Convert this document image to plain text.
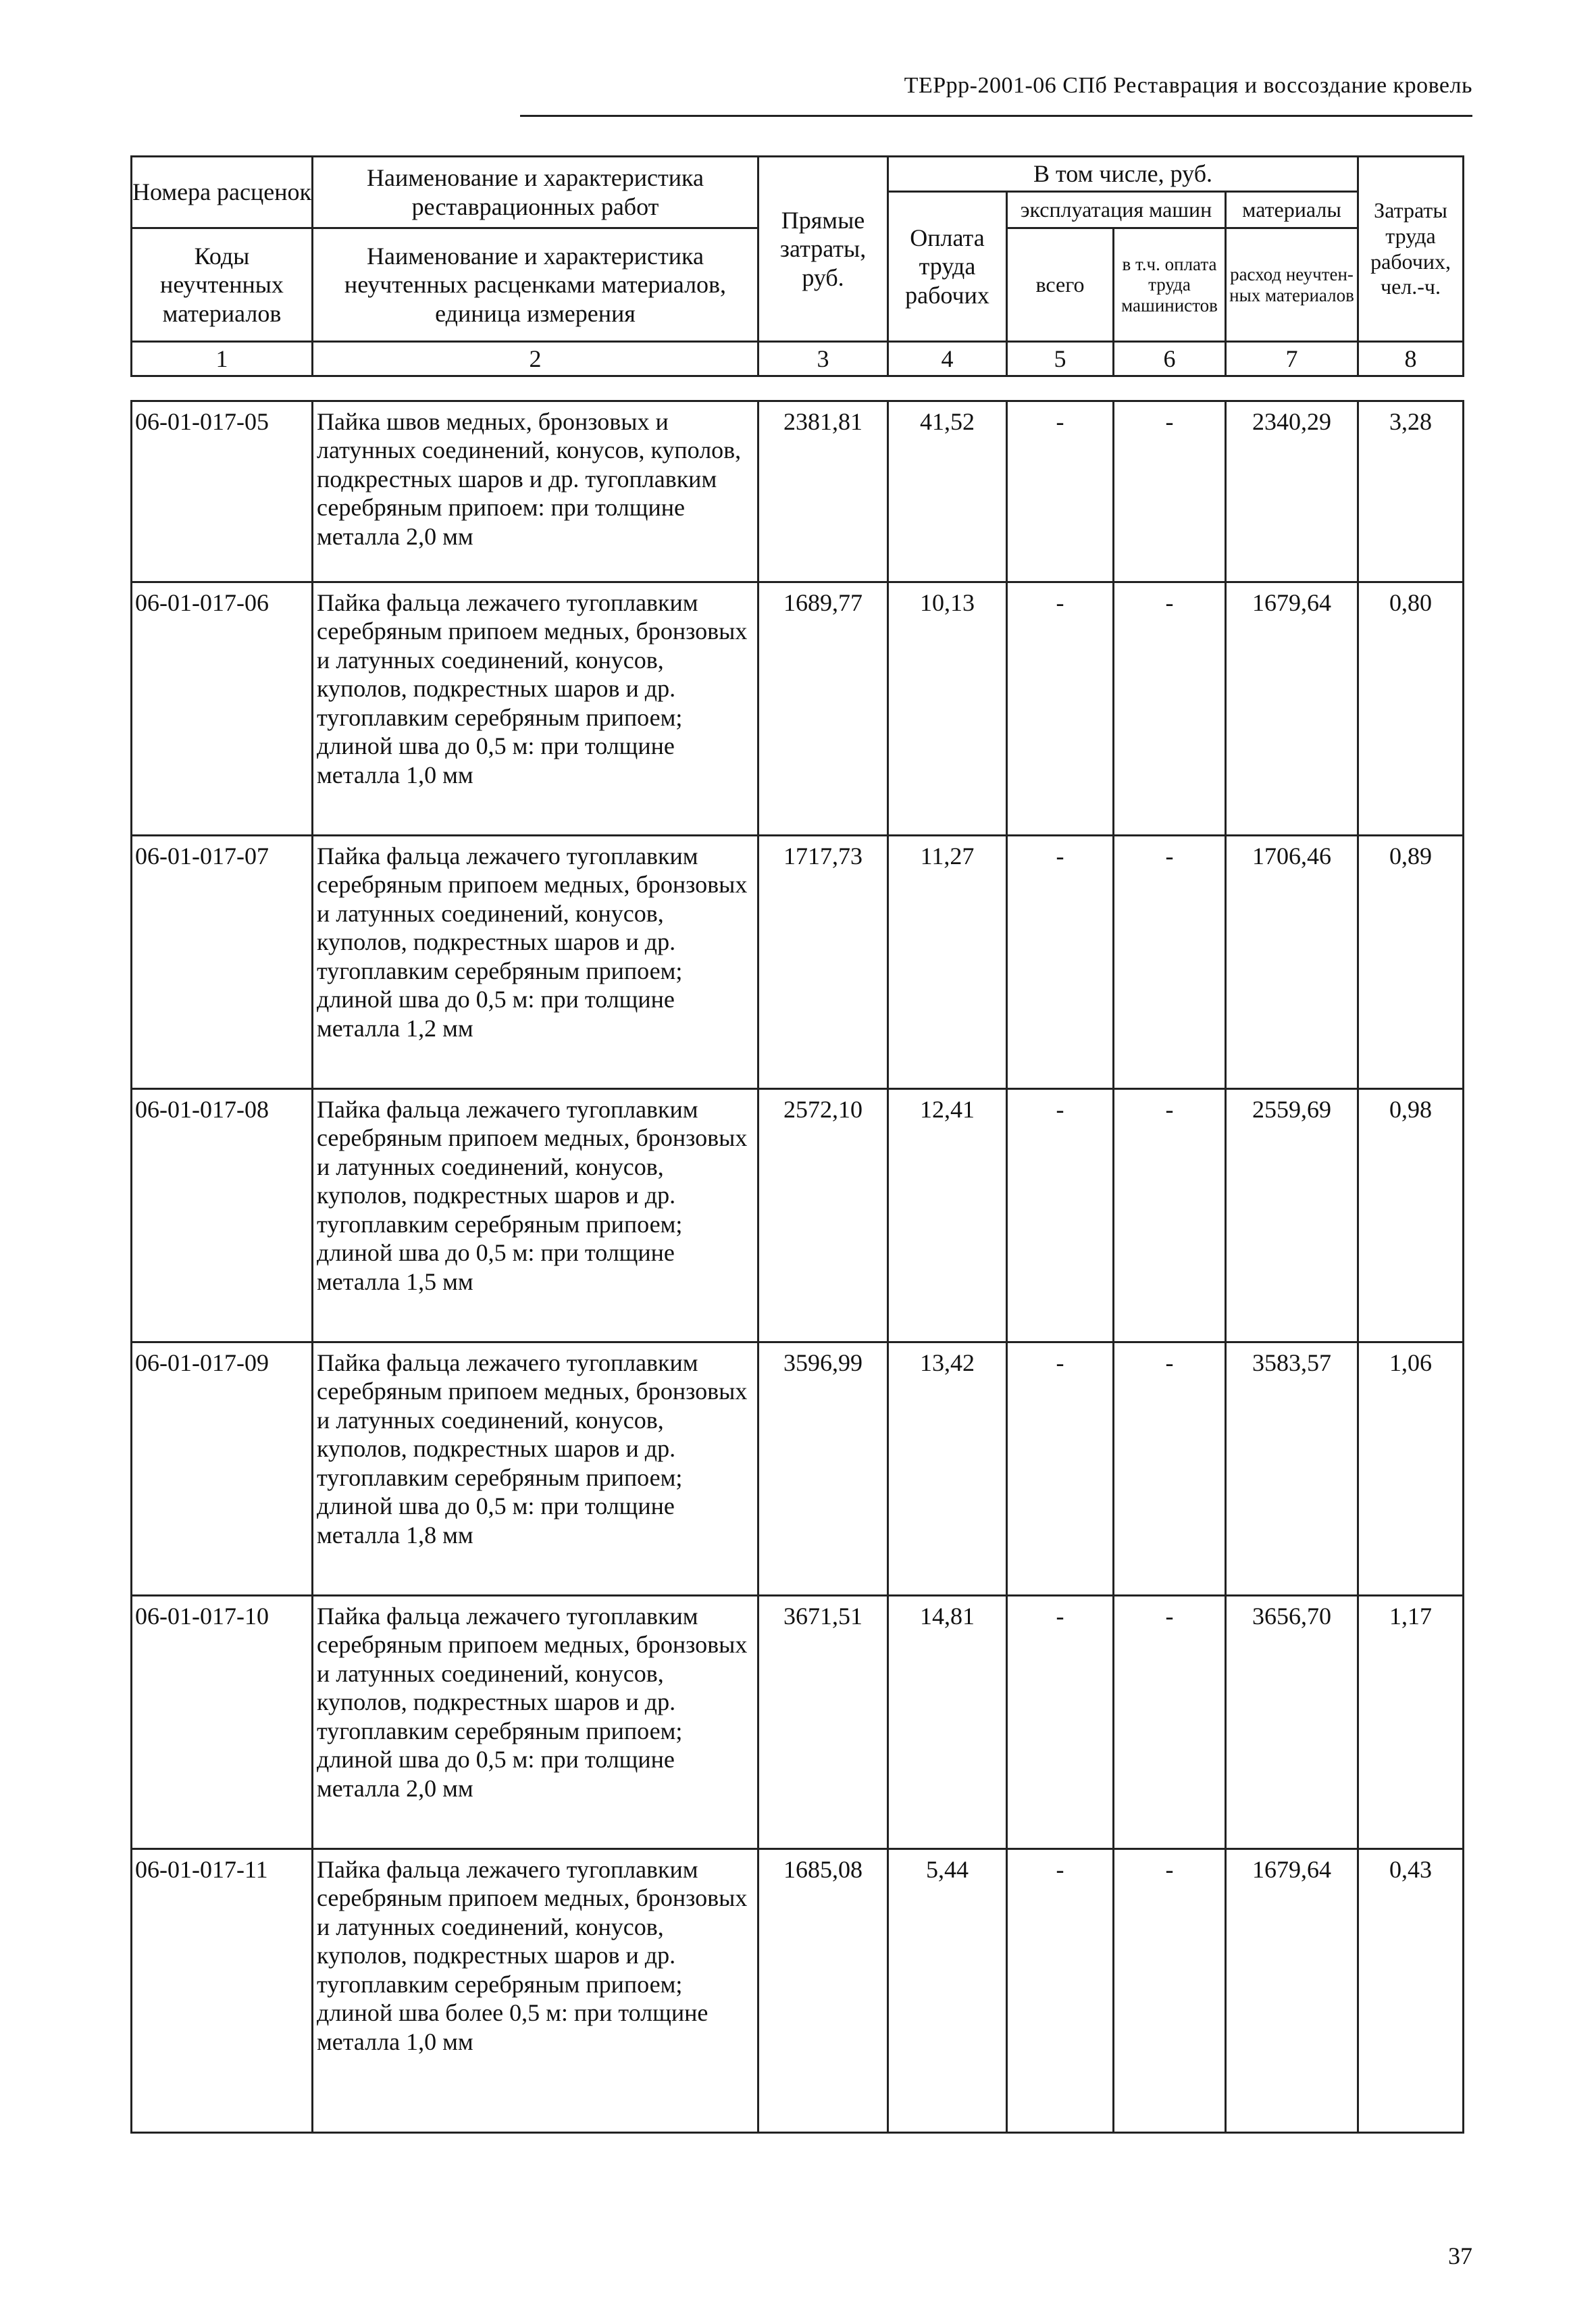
ТЕРрр-2001-06 СПб Реставрация и воссоздание кровель
Номера расценок	Наименование и характеристика реставрационных работ	Прямые затраты, руб.	В том числе, руб.				Затраты труда рабочих, чел.-ч.
			Оплата труда рабочих	эксплуатация машин		материалы	
Коды неучтенных материалов	Наименование и характеристика неучтенных расценками материалов, единица измерения			всего	в т.ч. оплата труда машинистов	расход неучтен-ных материалов	

1	2	3	4	5	6	7	8
06-01-017-05	Пайка швов медных, бронзовых и латунных соединений, конусов, куполов, подкрестных шаров и др. тугоплавким серебряным припоем: при толщине металла 2,0 мм	2381,81	41,52	-	-	2340,29	3,28
06-01-017-06	Пайка фальца лежачего тугоплавким серебряным припоем медных, бронзовых и латунных соединений, конусов, куполов, подкрестных шаров и др. тугоплавким серебряным припоем; длиной шва до 0,5 м: при толщине металла 1,0 мм	1689,77	10,13	-	-	1679,64	0,80
06-01-017-07	Пайка фальца лежачего тугоплавким серебряным припоем медных, бронзовых и латунных соединений, конусов, куполов, подкрестных шаров и др. тугоплавким серебряным припоем; длиной шва до 0,5 м: при толщине металла 1,2 мм	1717,73	11,27	-	-	1706,46	0,89
06-01-017-08	Пайка фальца лежачего тугоплавким серебряным припоем медных, бронзовых и латунных соединений, конусов, куполов, подкрестных шаров и др. тугоплавким серебряным припоем; длиной шва до 0,5 м: при толщине металла 1,5 мм	2572,10	12,41	-	-	2559,69	0,98
06-01-017-09	Пайка фальца лежачего тугоплавким серебряным припоем медных, бронзовых и латунных соединений, конусов, куполов, подкрестных шаров и др. тугоплавким серебряным припоем; длиной шва до 0,5 м: при толщине металла 1,8 мм	3596,99	13,42	-	-	3583,57	1,06
06-01-017-10	Пайка фальца лежачего тугоплавким серебряным припоем медных, бронзовых и латунных соединений, конусов, куполов, подкрестных шаров и др. тугоплавким серебряным припоем; длиной шва до 0,5 м: при толщине металла 2,0 мм	3671,51	14,81	-	-	3656,70	1,17
06-01-017-11	Пайка фальца лежачего тугоплавким серебряным припоем медных, бронзовых и латунных соединений, конусов, куполов, подкрестных шаров и др. тугоплавким серебряным припоем; длиной шва более 0,5 м: при толщине металла 1,0 мм	1685,08	5,44	-	-	1679,64	0,43
37
